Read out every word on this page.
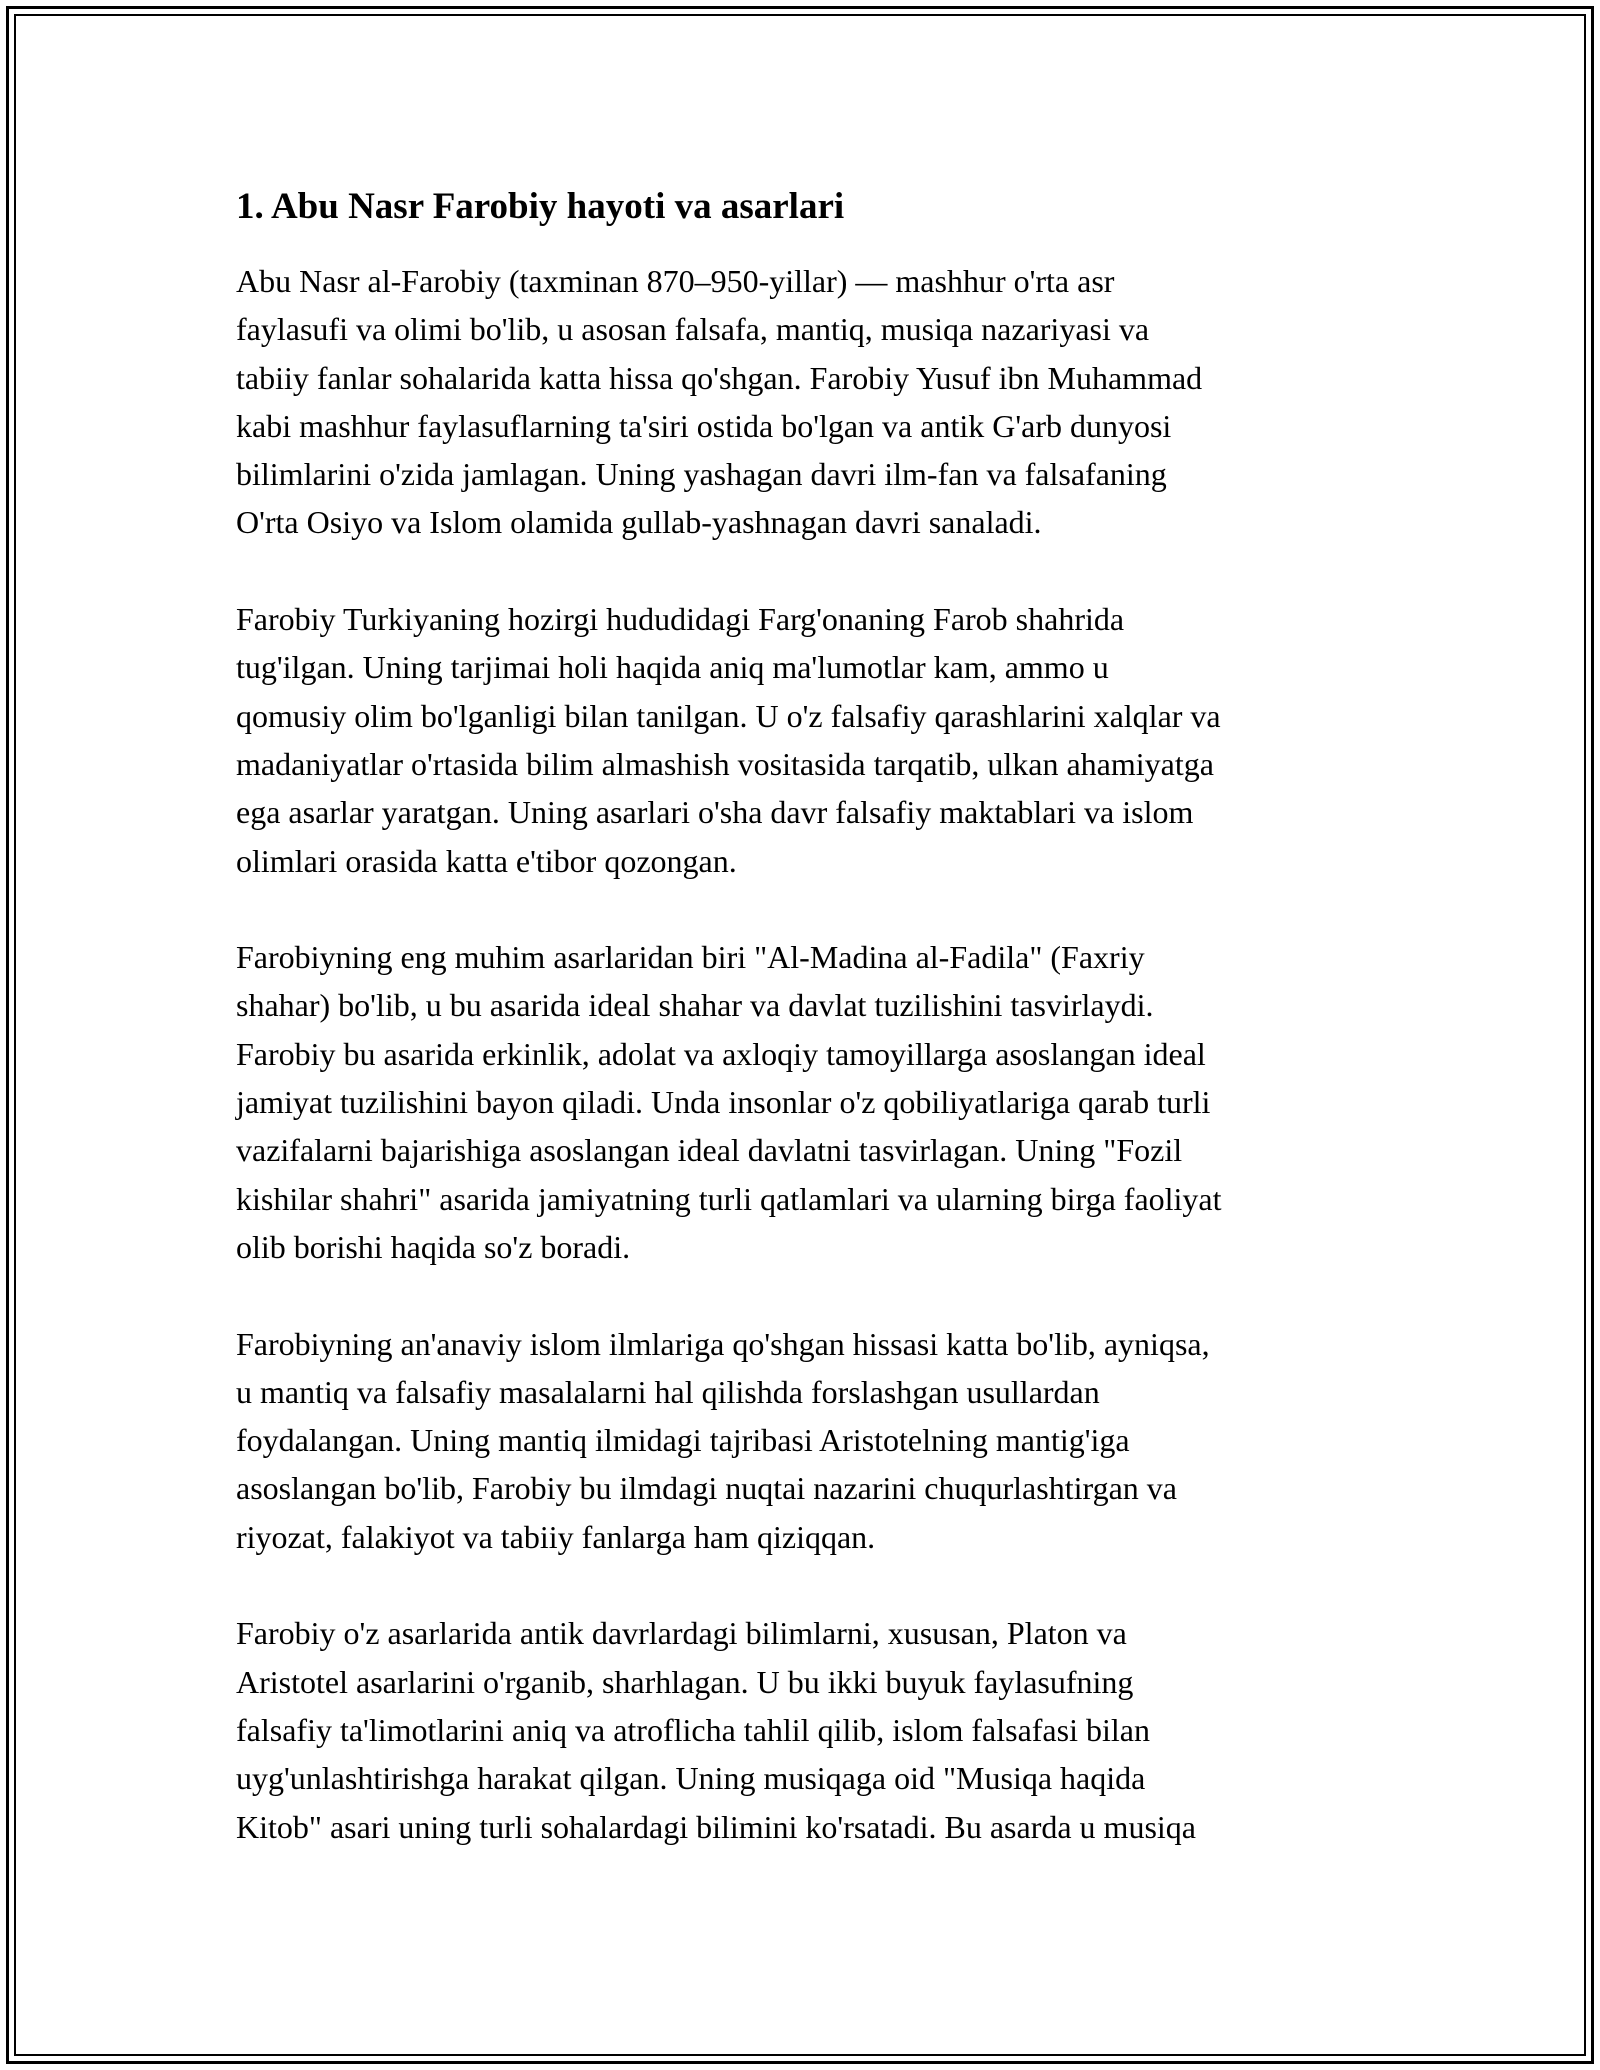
1. Abu Nasr Farobiy hayoti va asarlari

Abu Nasr al-Farobiy (taxminan 870–950-yillar) — mashhur o'rta asr
faylasufi va olimi bo'lib, u asosan falsafa, mantiq, musiqa nazariyasi va
tabiiy fanlar sohalarida katta hissa qo'shgan. Farobiy Yusuf ibn Muhammad
kabi mashhur faylasuflarning ta'siri ostida bo'lgan va antik G'arb dunyosi
bilimlarini o'zida jamlagan. Uning yashagan davri ilm-fan va falsafaning
O'rta Osiyo va Islom olamida gullab-yashnagan davri sanaladi.

Farobiy Turkiyaning hozirgi hududidagi Farg'onaning Farob shahrida
tug'ilgan. Uning tarjimai holi haqida aniq ma'lumotlar kam, ammo u
qomusiy olim bo'lganligi bilan tanilgan. U o'z falsafiy qarashlarini xalqlar va
madaniyatlar o'rtasida bilim almashish vositasida tarqatib, ulkan ahamiyatga
ega asarlar yaratgan. Uning asarlari o'sha davr falsafiy maktablari va islom
olimlari orasida katta e'tibor qozongan.

Farobiyning eng muhim asarlaridan biri "Al-Madina al-Fadila" (Faxriy
shahar) bo'lib, u bu asarida ideal shahar va davlat tuzilishini tasvirlaydi.
Farobiy bu asarida erkinlik, adolat va axloqiy tamoyillarga asoslangan ideal
jamiyat tuzilishini bayon qiladi. Unda insonlar o'z qobiliyatlariga qarab turli
vazifalarni bajarishiga asoslangan ideal davlatni tasvirlagan. Uning "Fozil
kishilar shahri" asarida jamiyatning turli qatlamlari va ularning birga faoliyat
olib borishi haqida so'z boradi.

Farobiyning an'anaviy islom ilmlariga qo'shgan hissasi katta bo'lib, ayniqsa,
u mantiq va falsafiy masalalarni hal qilishda forslashgan usullardan
foydalangan. Uning mantiq ilmidagi tajribasi Aristotelning mantig'iga
asoslangan bo'lib, Farobiy bu ilmdagi nuqtai nazarini chuqurlashtirgan va
riyozat, falakiyot va tabiiy fanlarga ham qiziqqan.

Farobiy o'z asarlarida antik davrlardagi bilimlarni, xususan, Platon va
Aristotel asarlarini o'rganib, sharhlagan. U bu ikki buyuk faylasufning
falsafiy ta'limotlarini aniq va atroflicha tahlil qilib, islom falsafasi bilan
uyg'unlashtirishga harakat qilgan. Uning musiqaga oid "Musiqa haqida
Kitob" asari uning turli sohalardagi bilimini ko'rsatadi. Bu asarda u musiqa
